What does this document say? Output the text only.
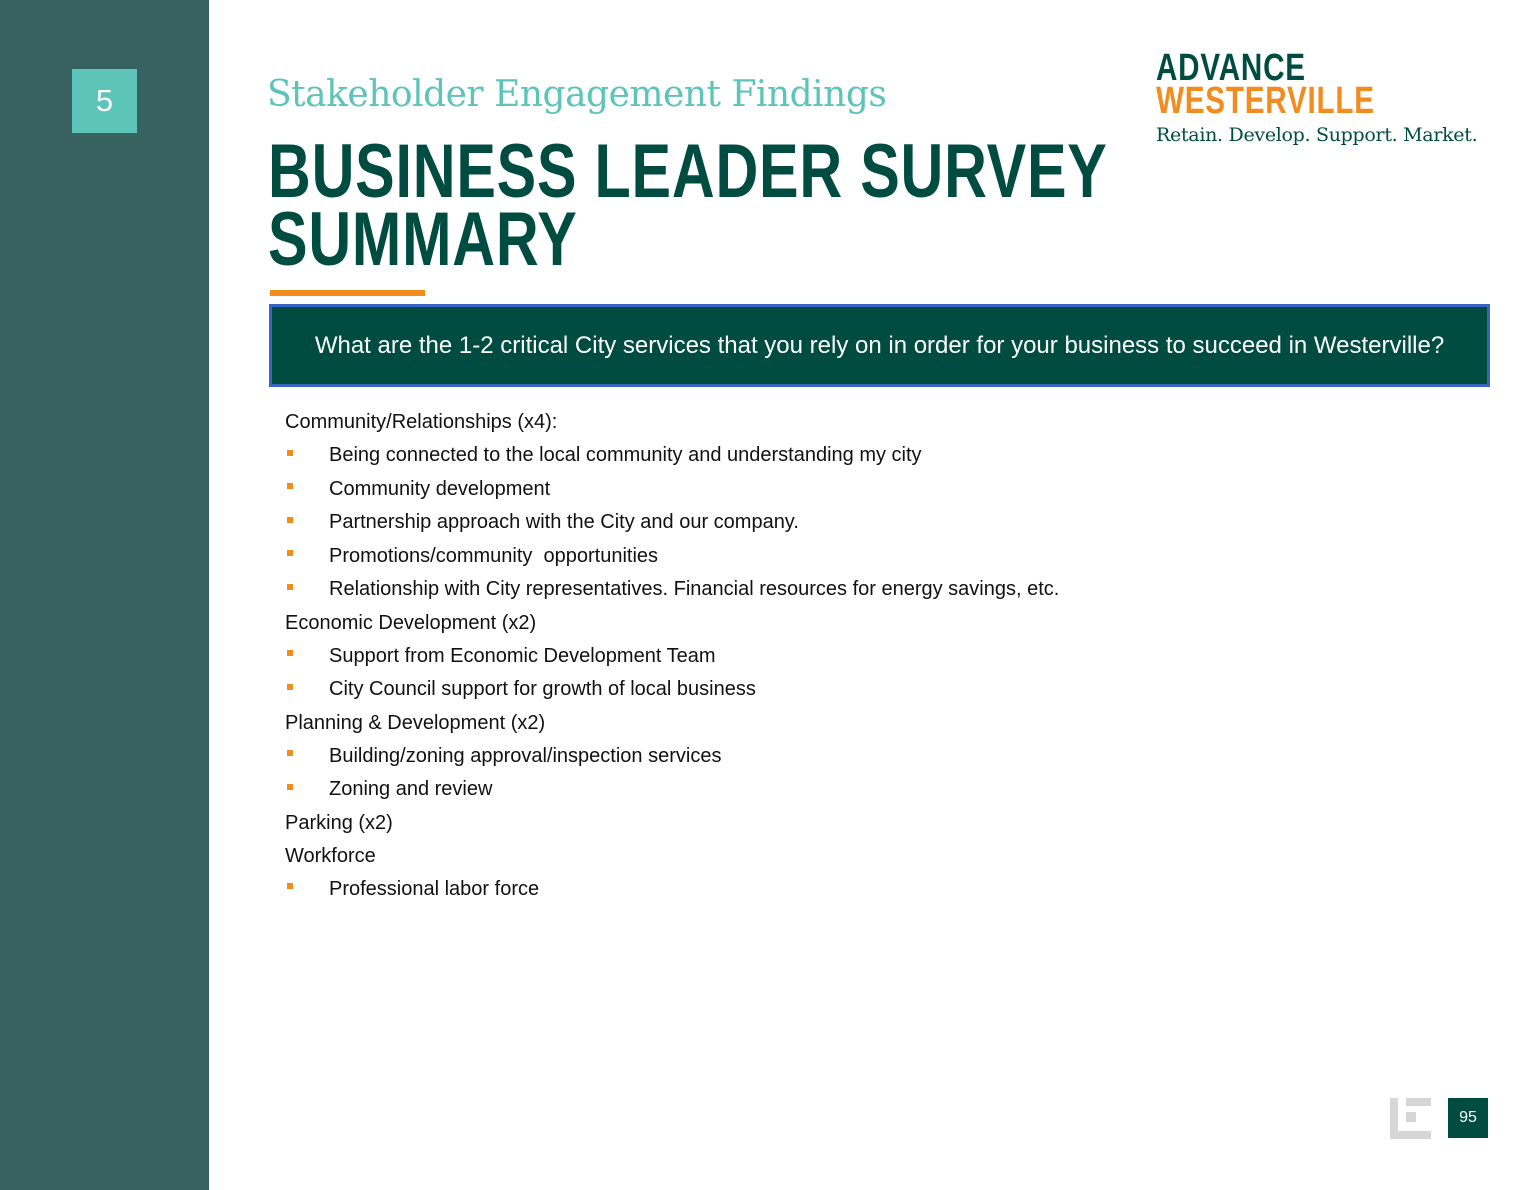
5	Stakeholder Engagement Findings
BUSINESS LEADER SURVEY
SUMMARY
ADVANCE
WESTERVILLE
Retain. Develop. Support. Market.
What are the 1-2 critical City services that you rely on in order for your business to succeed in Westerville?
Community/Relationships (x4):
Being connected to the local community and understanding my city
Community development
Partnership approach with the City and our company.
Promotions/community  opportunities
Relationship with City representatives. Financial resources for energy savings, etc.
Economic Development (x2)
Support from Economic Development Team
City Council support for growth of local business
Planning & Development (x2)
Building/zoning approval/inspection services
Zoning and review
Parking (x2)
Workforce
Professional labor force
95
